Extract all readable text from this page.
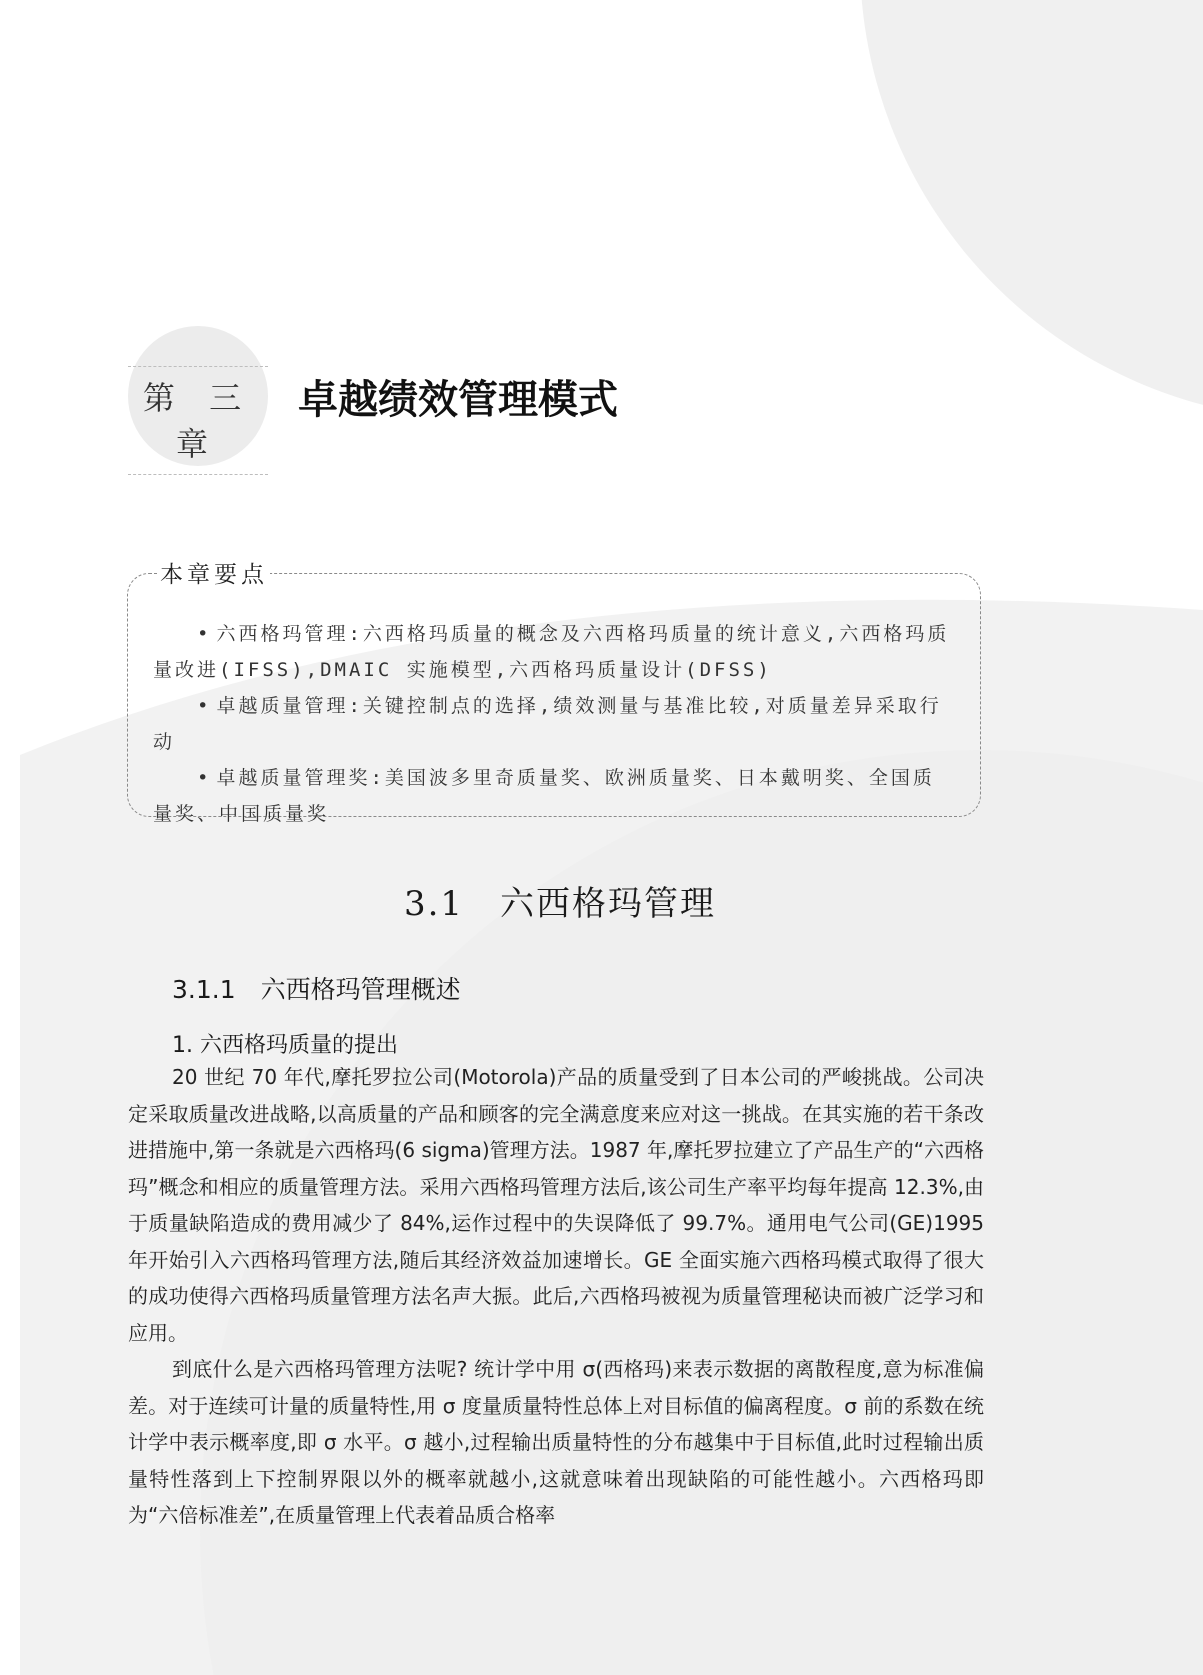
第 三 章
卓越绩效管理模式
本章要点

• 六西格玛管理:六西格玛质量的概念及六西格玛质量的统计意义,六西格玛质量改进(IFSS),DMAIC 实施模型,六西格玛质量设计(DFSS)

• 卓越质量管理:关键控制点的选择,绩效测量与基准比较,对质量差异采取行动

• 卓越质量管理奖:美国波多里奇质量奖、欧洲质量奖、日本戴明奖、全国质量奖、中国质量奖

3.1　六西格玛管理
3.1.1　六西格玛管理概述
1. 六西格玛质量的提出

20 世纪 70 年代,摩托罗拉公司(Motorola)产品的质量受到了日本公司的严峻挑战。公司决定采取质量改进战略,以高质量的产品和顾客的完全满意度来应对这一挑战。在其实施的若干条改进措施中,第一条就是六西格玛(6 sigma)管理方法。1987 年,摩托罗拉建立了产品生产的“六西格玛”概念和相应的质量管理方法。采用六西格玛管理方法后,该公司生产率平均每年提高 12.3%,由于质量缺陷造成的费用减少了 84%,运作过程中的失误降低了 99.7%。通用电气公司(GE)1995 年开始引入六西格玛管理方法,随后其经济效益加速增长。GE 全面实施六西格玛模式取得了很大的成功使得六西格玛质量管理方法名声大振。此后,六西格玛被视为质量管理秘诀而被广泛学习和应用。

到底什么是六西格玛管理方法呢? 统计学中用 σ(西格玛)来表示数据的离散程度,意为标准偏差。对于连续可计量的质量特性,用 σ 度量质量特性总体上对目标值的偏离程度。σ 前的系数在统计学中表示概率度,即 σ 水平。σ 越小,过程输出质量特性的分布越集中于目标值,此时过程输出质量特性落到上下控制界限以外的概率就越小,这就意味着出现缺陷的可能性越小。六西格玛即为“六倍标准差”,在质量管理上代表着品质合格率
